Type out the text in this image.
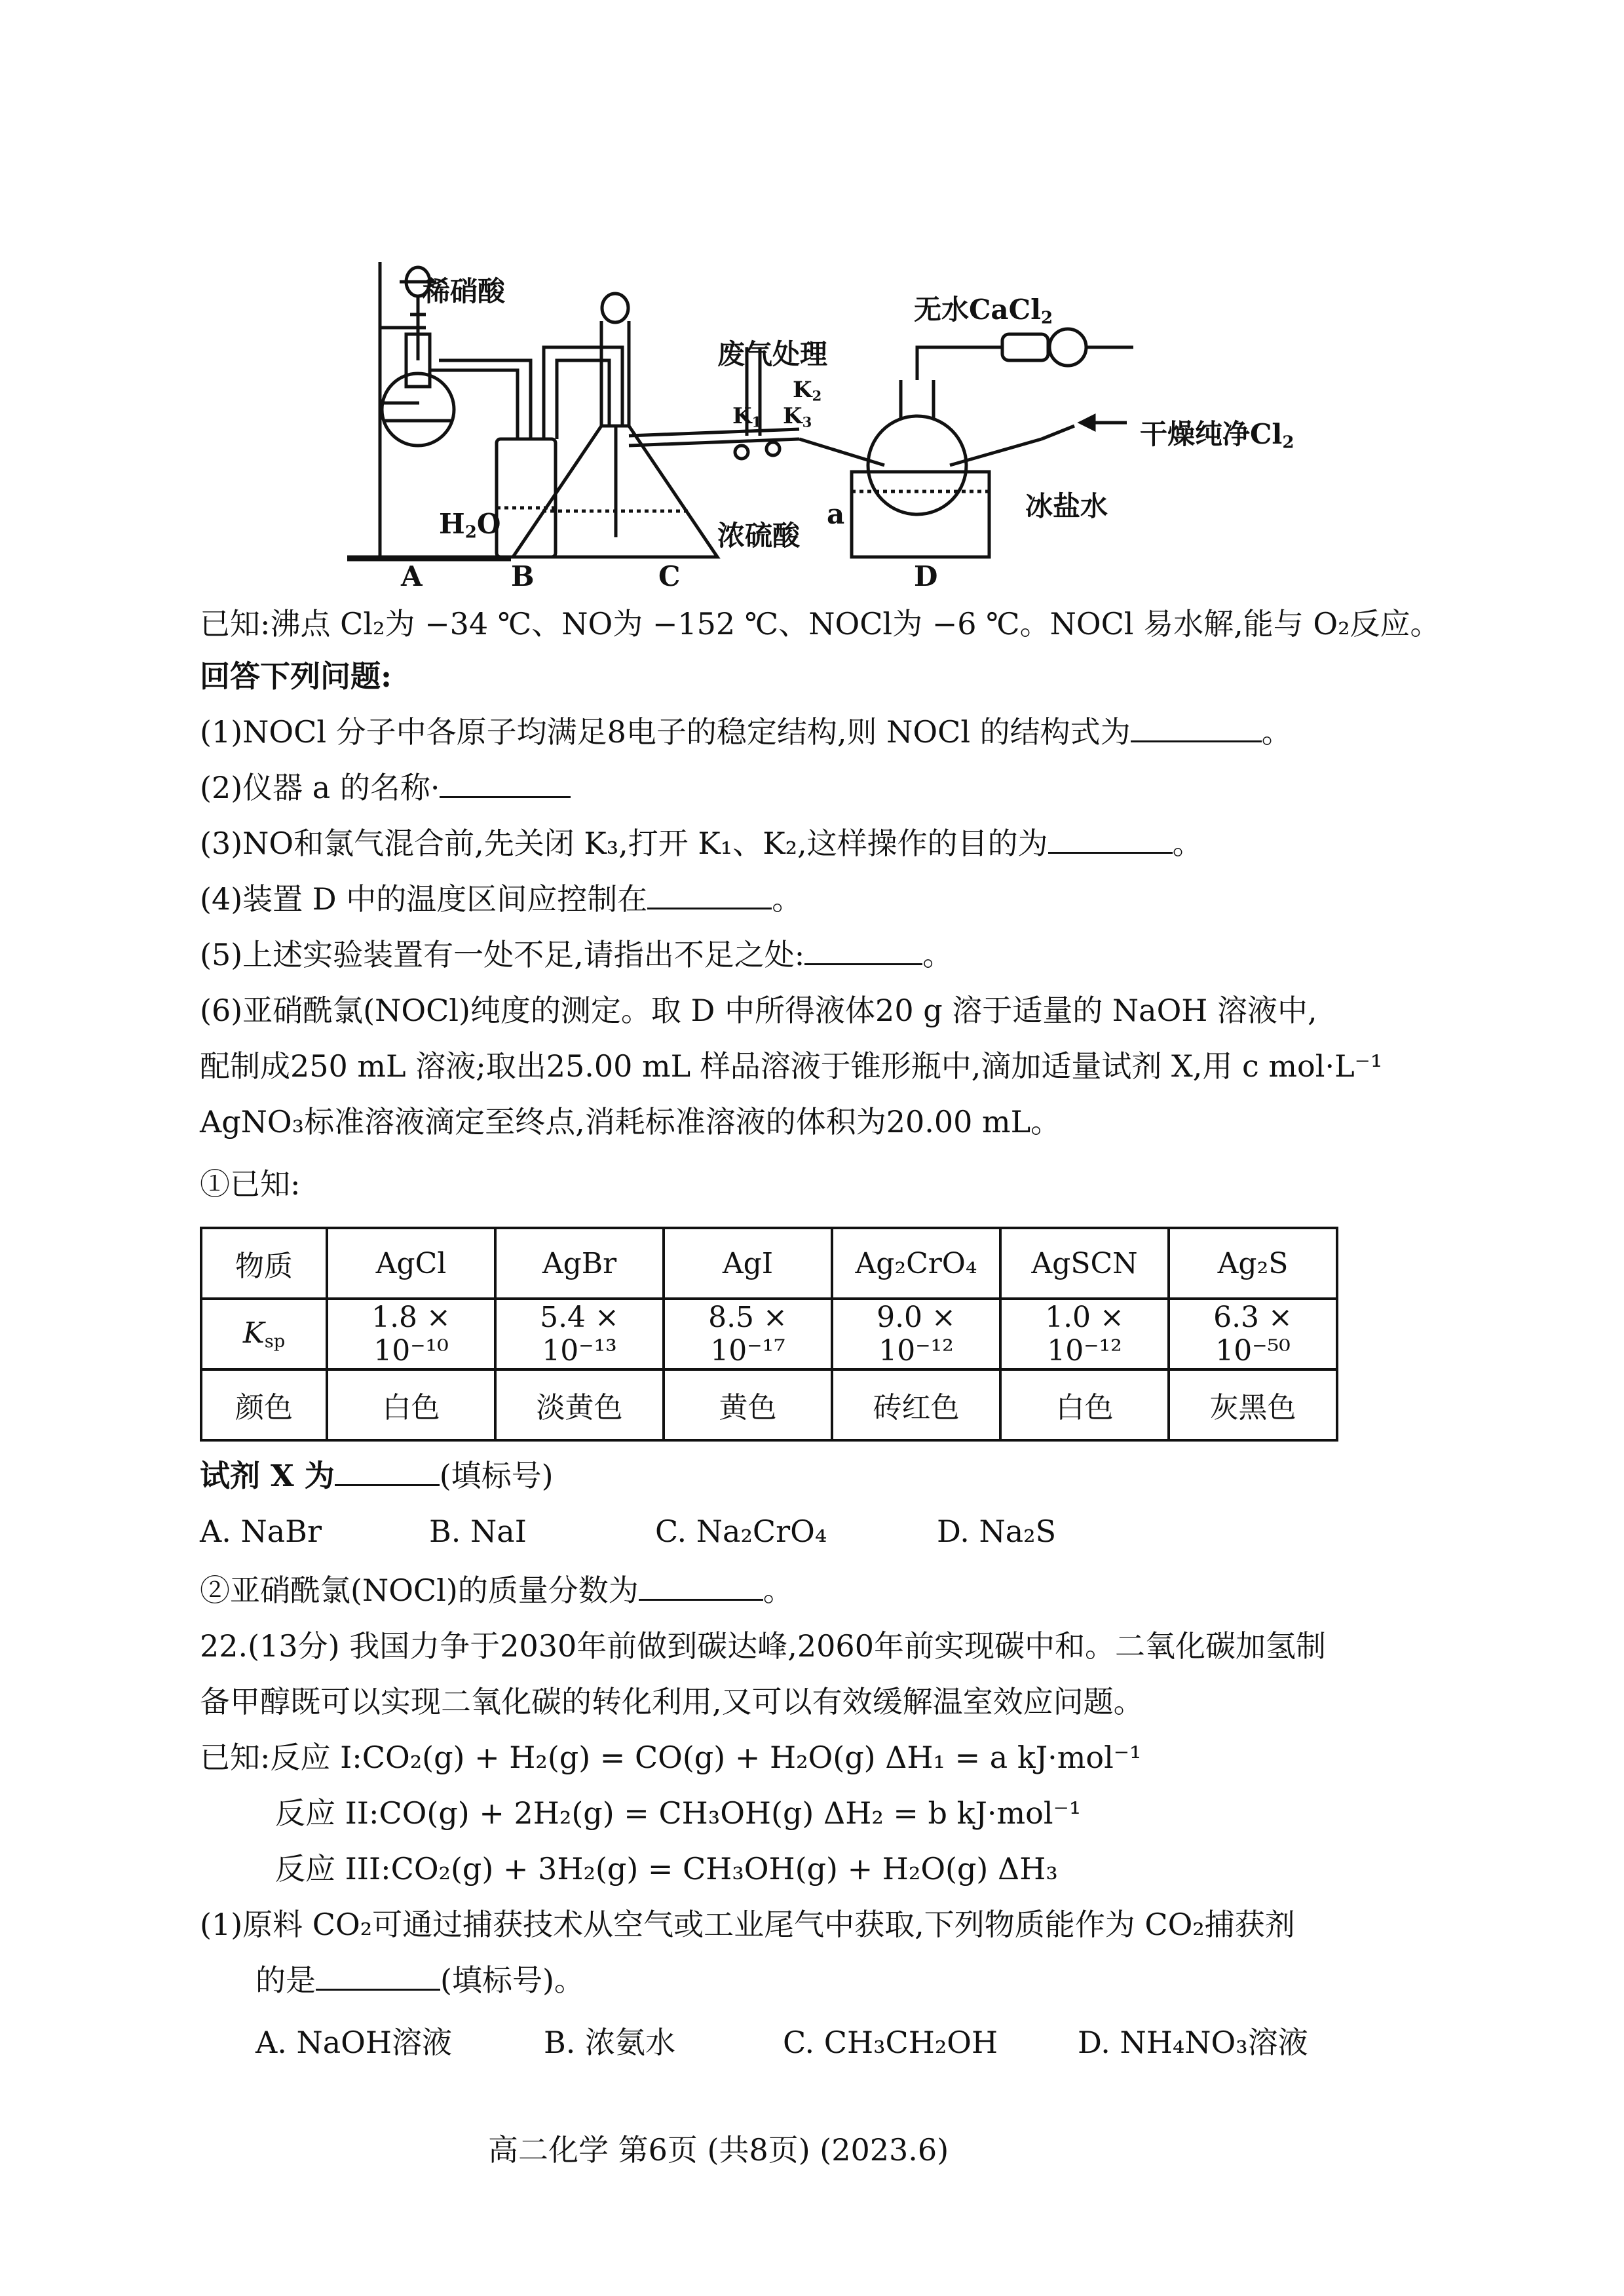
稀硝酸
废气处理
无水CaCl$_2$
干燥纯净$Cl_2$
$H_2O$	浓硫酸
冰盐水
a
$K_1$
$K_2$
$K_3$
A	B	C	D
已知:沸点 Cl₂为 −34 ℃、NO为 −152 ℃、NOCl为 −6 ℃。NOCl 易水解,能与 O₂反应。
回答下列问题:
(1)NOCl 分子中各原子均满足8电子的稳定结构,则 NOCl 的结构式为	。
(2)仪器 a 的名称·
(3)NO和氯气混合前,先关闭 K₃,打开 K₁、K₂,这样操作的目的为	。
(4)装置 D 中的温度区间应控制在	。
(5)上述实验装置有一处不足,请指出不足之处:	。
(6)亚硝酰氯(NOCl)纯度的测定。取 D 中所得液体20 g 溶于适量的 NaOH 溶液中,
配制成250 mL 溶液;取出25.00 mL 样品溶液于锥形瓶中,滴加适量试剂 X,用 c mol·L⁻¹
AgNO₃标准溶液滴定至终点,消耗标准溶液的体积为20.00 mL。
①已知:
物质	AgCl	AgBr	AgI	Ag₂CrO₄	AgSCN	Ag₂S
$K_{sp}$	1.8 × 10⁻¹⁰	5.4 × 10⁻¹³	8.5 × 10⁻¹⁷	9.0 × 10⁻¹²	1.0 × 10⁻¹²	6.3 × 10⁻⁵⁰
颜色	白色	淡黄色	黄色	砖红色	白色	灰黑色
试剂 X 为	(填标号)
A. NaBr	B. NaI	C. Na₂CrO₄	D. Na₂S
②亚硝酰氯(NOCl)的质量分数为	。
22.(13分) 我国力争于2030年前做到碳达峰,2060年前实现碳中和。二氧化碳加氢制
备甲醇既可以实现二氧化碳的转化利用,又可以有效缓解温室效应问题。
已知:反应 I:CO₂(g) + H₂(g) = CO(g) + H₂O(g) ΔH₁ = a kJ·mol⁻¹
反应 II:CO(g) + 2H₂(g) = CH₃OH(g) ΔH₂ = b kJ·mol⁻¹
反应 III:CO₂(g) + 3H₂(g) = CH₃OH(g) + H₂O(g) ΔH₃
(1)原料 CO₂可通过捕获技术从空气或工业尾气中获取,下列物质能作为 CO₂捕获剂
的是	(填标号)。
A. NaOH溶液	B. 浓氨水	C. CH₃CH₂OH	D. NH₄NO₃溶液
高二化学 第6页 (共8页) (2023.6)
